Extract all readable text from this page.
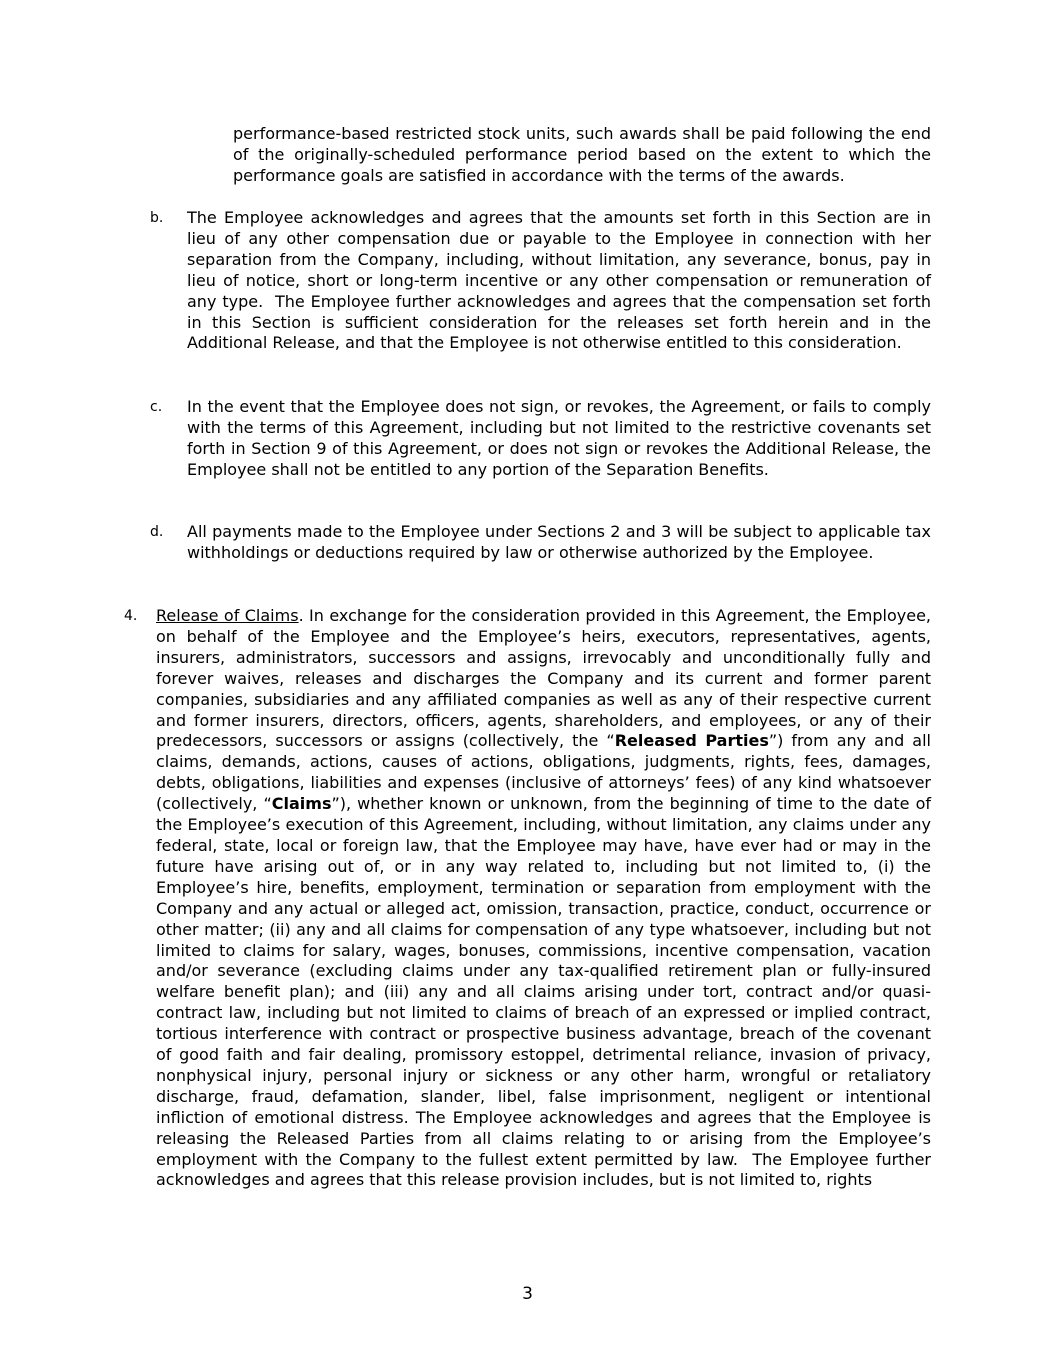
performance-based restricted stock units, such awards shall be paid following the end of the originally-scheduled performance period based on the extent to which the performance goals are satisfied in accordance with the terms of the awards.

b. The Employee acknowledges and agrees that the amounts set forth in this Section are in lieu of any other compensation due or payable to the Employee in connection with her separation from the Company, including, without limitation, any severance, bonus, pay in lieu of notice, short or long-term incentive or any other compensation or remuneration of any type.  The Employee further acknowledges and agrees that the compensation set forth in this Section is sufficient consideration for the releases set forth herein and in the Additional Release, and that the Employee is not otherwise entitled to this consideration.

c. In the event that the Employee does not sign, or revokes, the Agreement, or fails to comply with the terms of this Agreement, including but not limited to the restrictive covenants set forth in Section 9 of this Agreement, or does not sign or revokes the Additional Release, the Employee shall not be entitled to any portion of the Separation Benefits.

d. All payments made to the Employee under Sections 2 and 3 will be subject to applicable tax withholdings or deductions required by law or otherwise authorized by the Employee.

4. Release of Claims. In exchange for the consideration provided in this Agreement, the Employee, on behalf of the Employee and the Employee’s heirs, executors, representatives, agents, insurers, administrators, successors and assigns, irrevocably and unconditionally fully and forever waives, releases and discharges the Company and its current and former parent companies, subsidiaries and any affiliated companies as well as any of their respective current and former insurers, directors, officers, agents, shareholders, and employees, or any of their predecessors, successors or assigns (collectively, the “Released Parties”) from any and all claims, demands, actions, causes of actions, obligations, judgments, rights, fees, damages, debts, obligations, liabilities and expenses (inclusive of attorneys’ fees) of any kind whatsoever (collectively, “Claims”), whether known or unknown, from the beginning of time to the date of the Employee’s execution of this Agreement, including, without limitation, any claims under any federal, state, local or foreign law, that the Employee may have, have ever had or may in the future have arising out of, or in any way related to, including but not limited to, (i) the Employee’s hire, benefits, employment, termination or separation from employment with the Company and any actual or alleged act, omission, transaction, practice, conduct, occurrence or other matter; (ii) any and all claims for compensation of any type whatsoever, including but not limited to claims for salary, wages, bonuses, commissions, incentive compensation, vacation and/or severance (excluding claims under any tax-qualified retirement plan or fully-insured welfare benefit plan); and (iii) any and all claims arising under tort, contract and/or quasi-contract law, including but not limited to claims of breach of an expressed or implied contract, tortious interference with contract or prospective business advantage, breach of the covenant of good faith and fair dealing, promissory estoppel, detrimental reliance, invasion of privacy, nonphysical injury, personal injury or sickness or any other harm, wrongful or retaliatory discharge, fraud, defamation, slander, libel, false imprisonment, negligent or intentional infliction of emotional distress. The Employee acknowledges and agrees that the Employee is releasing the Released Parties from all claims relating to or arising from the Employee’s employment with the Company to the fullest extent permitted by law.  The Employee further acknowledges and agrees that this release provision includes, but is not limited to, rights

3
